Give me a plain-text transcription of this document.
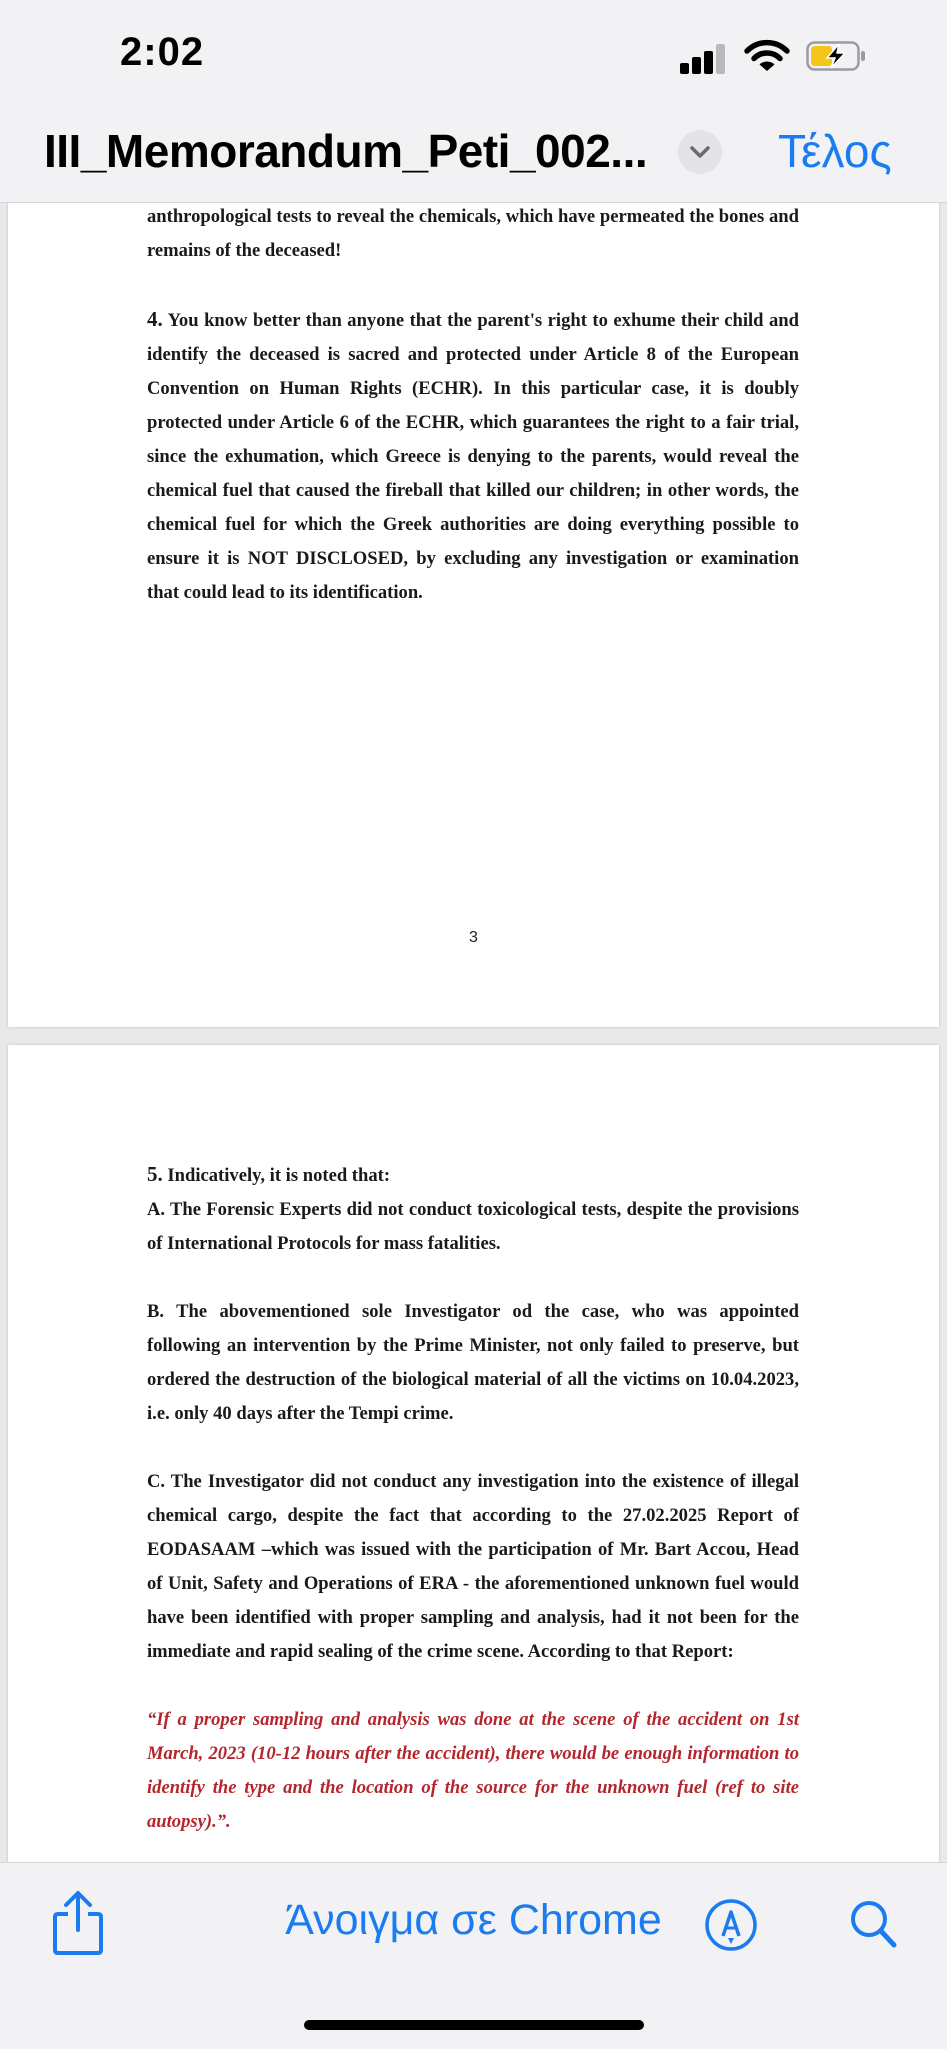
2:02
III_Memorandum_Peti_002...	Τέλος

anthropological tests to reveal the chemicals, which have permeated the bones and remains of the deceased!

4. You know better than anyone that the parent's right to exhume their child and identify the deceased is sacred and protected under Article 8 of the European Convention on Human Rights (ECHR). In this particular case, it is doubly protected under Article 6 of the ECHR, which guarantees the right to a fair trial, since the exhumation, which Greece is denying to the parents, would reveal the chemical fuel that caused the fireball that killed our children; in other words, the chemical fuel for which the Greek authorities are doing everything possible to ensure it is NOT DISCLOSED, by excluding any investigation or examination that could lead to its identification.

3

5. Indicatively, it is noted that:

A. The Forensic Experts did not conduct toxicological tests, despite the provisions of International Protocols for mass fatalities.

B. The abovementioned sole Investigator od the case, who was appointed following an intervention by the Prime Minister, not only failed to preserve, but ordered the destruction of the biological material of all the victims on 10.04.2023, i.e. only 40 days after the Tempi crime.

C. The Investigator did not conduct any investigation into the existence of illegal chemical cargo, despite the fact that according to the 27.02.2025 Report of EODASAAM –which was issued with the participation of Mr. Bart Accou, Head of Unit, Safety and Operations of ERA - the aforementioned unknown fuel would have been identified with proper sampling and analysis, had it not been for the immediate and rapid sealing of the crime scene. According to that Report:

“If a proper sampling and analysis was done at the scene of the accident on 1st March, 2023 (10-12 hours after the accident), there would be enough information to identify the type and the location of the source for the unknown fuel (ref to site autopsy).”.

Άνοιγμα σε Chrome
